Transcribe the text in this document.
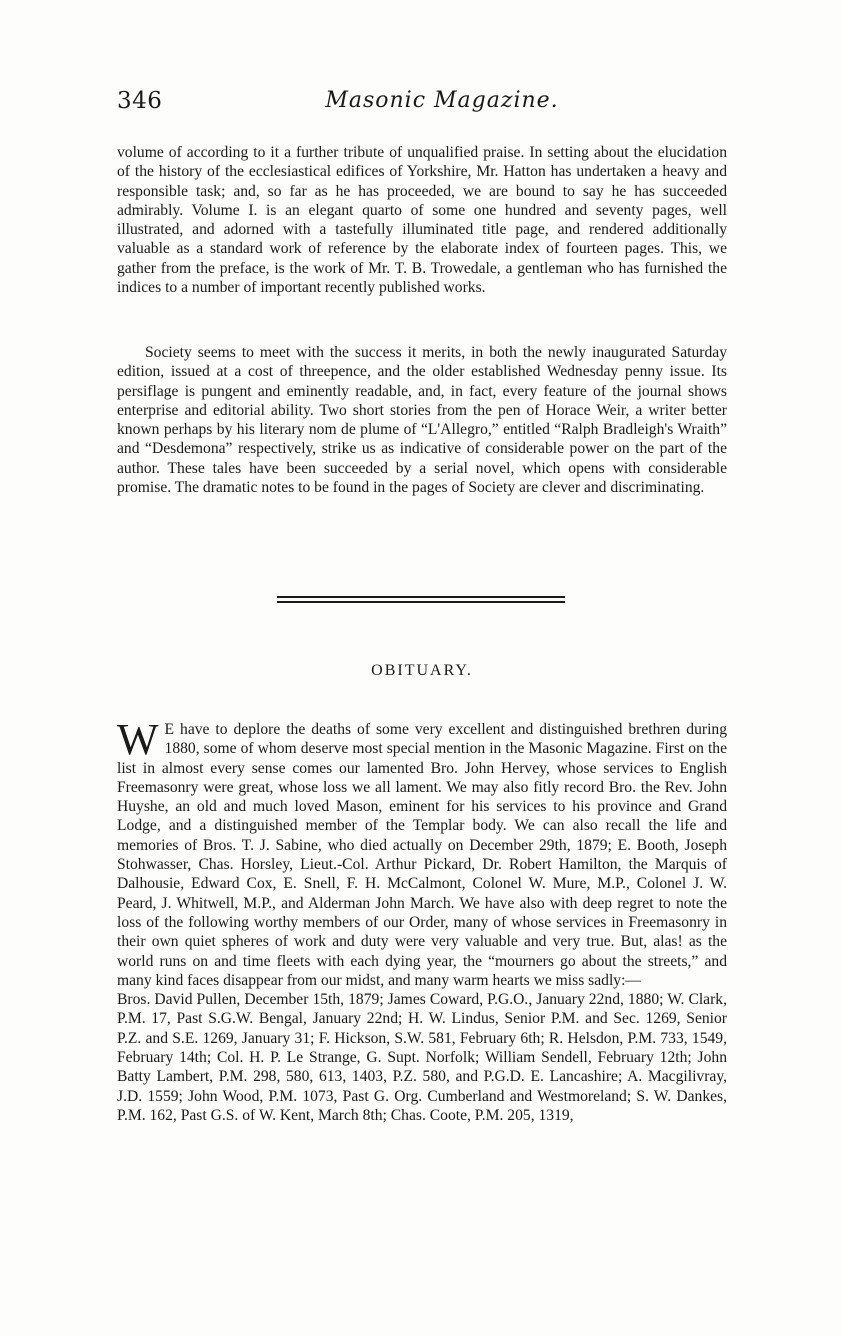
346	Masonic Magazine.

volume of according to it a further tribute of unqualified praise. In setting about the elucidation of the history of the ecclesiastical edifices of Yorkshire, Mr. Hatton has undertaken a heavy and responsible task; and, so far as he has proceeded, we are bound to say he has succeeded admirably. Volume I. is an elegant quarto of some one hundred and seventy pages, well illustrated, and adorned with a tastefully illuminated title page, and rendered additionally valuable as a standard work of reference by the elaborate index of fourteen pages. This, we gather from the preface, is the work of Mr. T. B. Trowedale, a gentleman who has furnished the indices to a number of important recently published works.

Society seems to meet with the success it merits, in both the newly inaugurated Saturday edition, issued at a cost of threepence, and the older established Wednesday penny issue. Its persiflage is pungent and eminently readable, and, in fact, every feature of the journal shows enterprise and editorial ability. Two short stories from the pen of Horace Weir, a writer better known perhaps by his literary nom de plume of “L'Allegro,” entitled “Ralph Bradleigh's Wraith” and “Desdemona” respectively, strike us as indicative of considerable power on the part of the author. These tales have been succeeded by a serial novel, which opens with considerable promise. The dramatic notes to be found in the pages of Society are clever and discriminating.

OBITUARY.

W E have to deplore the deaths of some very excellent and distinguished brethren during 1880, some of whom deserve most special mention in the Masonic Magazine. First on the list in almost every sense comes our lamented Bro. John Hervey, whose services to English Freemasonry were great, whose loss we all lament. We may also fitly record Bro. the Rev. John Huyshe, an old and much loved Mason, eminent for his services to his province and Grand Lodge, and a distinguished member of the Templar body. We can also recall the life and memories of Bros. T. J. Sabine, who died actually on December 29th, 1879; E. Booth, Joseph Stohwasser, Chas. Horsley, Lieut.-Col. Arthur Pickard, Dr. Robert Hamilton, the Marquis of Dalhousie, Edward Cox, E. Snell, F. H. McCalmont, Colonel W. Mure, M.P., Colonel J. W. Peard, J. Whitwell, M.P., and Alderman John March. We have also with deep regret to note the loss of the following worthy members of our Order, many of whose services in Freemasonry in their own quiet spheres of work and duty were very valuable and very true. But, alas! as the world runs on and time fleets with each dying year, the “mourners go about the streets,” and many kind faces disappear from our midst, and many warm hearts we miss sadly:—

Bros. David Pullen, December 15th, 1879; James Coward, P.G.O., January 22nd, 1880; W. Clark, P.M. 17, Past S.G.W. Bengal, January 22nd; H. W. Lindus, Senior P.M. and Sec. 1269, Senior P.Z. and S.E. 1269, January 31; F. Hickson, S.W. 581, February 6th; R. Helsdon, P.M. 733, 1549, February 14th; Col. H. P. Le Strange, G. Supt. Norfolk; William Sendell, February 12th; John Batty Lambert, P.M. 298, 580, 613, 1403, P.Z. 580, and P.G.D. E. Lancashire; A. Macgilivray, J.D. 1559; John Wood, P.M. 1073, Past G. Org. Cumberland and Westmoreland; S. W. Dankes, P.M. 162, Past G.S. of W. Kent, March 8th; Chas. Coote, P.M. 205, 1319,
